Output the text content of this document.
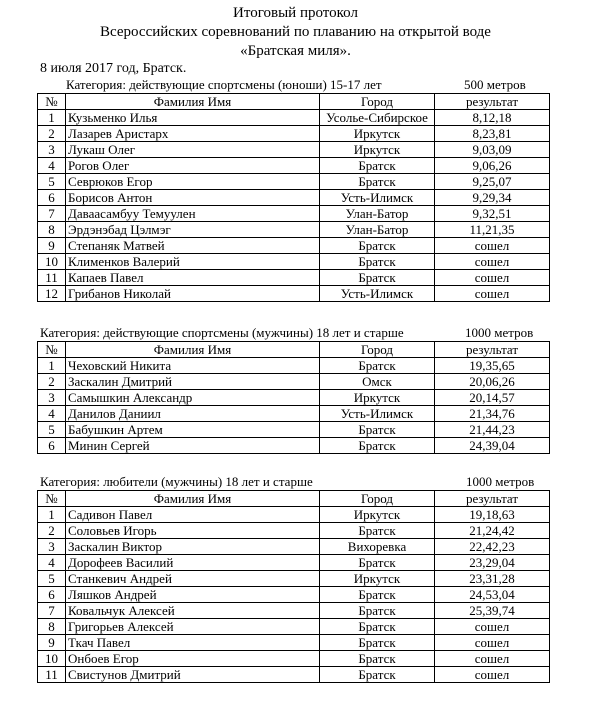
Итоговый протокол
Всероссийских соревнований по плаванию на открытой воде
«Братская миля».
8 июля 2017 год, Братск.
Категория: действующие спортсмены (юноши) 15-17 лет	500 метров
№	Фамилия Имя	Город	результат
1	Кузьменко Илья	Усолье-Сибирское	8,12,18
2	Лазарев Аристарх	Иркутск	8,23,81
3	Лукаш Олег	Иркутск	9,03,09
4	Рогов Олег	Братск	9,06,26
5	Севрюков Егор	Братск	9,25,07
6	Борисов Антон	Усть-Илимск	9,29,34
7	Даваасамбуу Темуулен	Улан-Батор	9,32,51
8	Эрдэнэбад Цэлмэг	Улан-Батор	11,21,35
9	Степаняк Матвей	Братск	сошел
10	Клименков Валерий	Братск	сошел
11	Капаев Павел	Братск	сошел
12	Грибанов Николай	Усть-Илимск	сошел
Категория: действующие спортсмены (мужчины) 18 лет и старше	1000 метров
№	Фамилия Имя	Город	результат
1	Чеховский Никита	Братск	19,35,65
2	Заскалин Дмитрий	Омск	20,06,26
3	Самышкин Александр	Иркутск	20,14,57
4	Данилов Даниил	Усть-Илимск	21,34,76
5	Бабушкин Артем	Братск	21,44,23
6	Минин Сергей	Братск	24,39,04
Категория: любители (мужчины) 18 лет и старше	1000 метров
№	Фамилия Имя	Город	результат
1	Садивон Павел	Иркутск	19,18,63
2	Соловьев Игорь	Братск	21,24,42
3	Заскалин Виктор	Вихоревка	22,42,23
4	Дорофеев Василий	Братск	23,29,04
5	Станкевич Андрей	Иркутск	23,31,28
6	Ляшков Андрей	Братск	24,53,04
7	Ковальчук Алексей	Братск	25,39,74
8	Григорьев Алексей	Братск	сошел
9	Ткач Павел	Братск	сошел
10	Онбоев Егор	Братск	сошел
11	Свистунов Дмитрий	Братск	сошел
